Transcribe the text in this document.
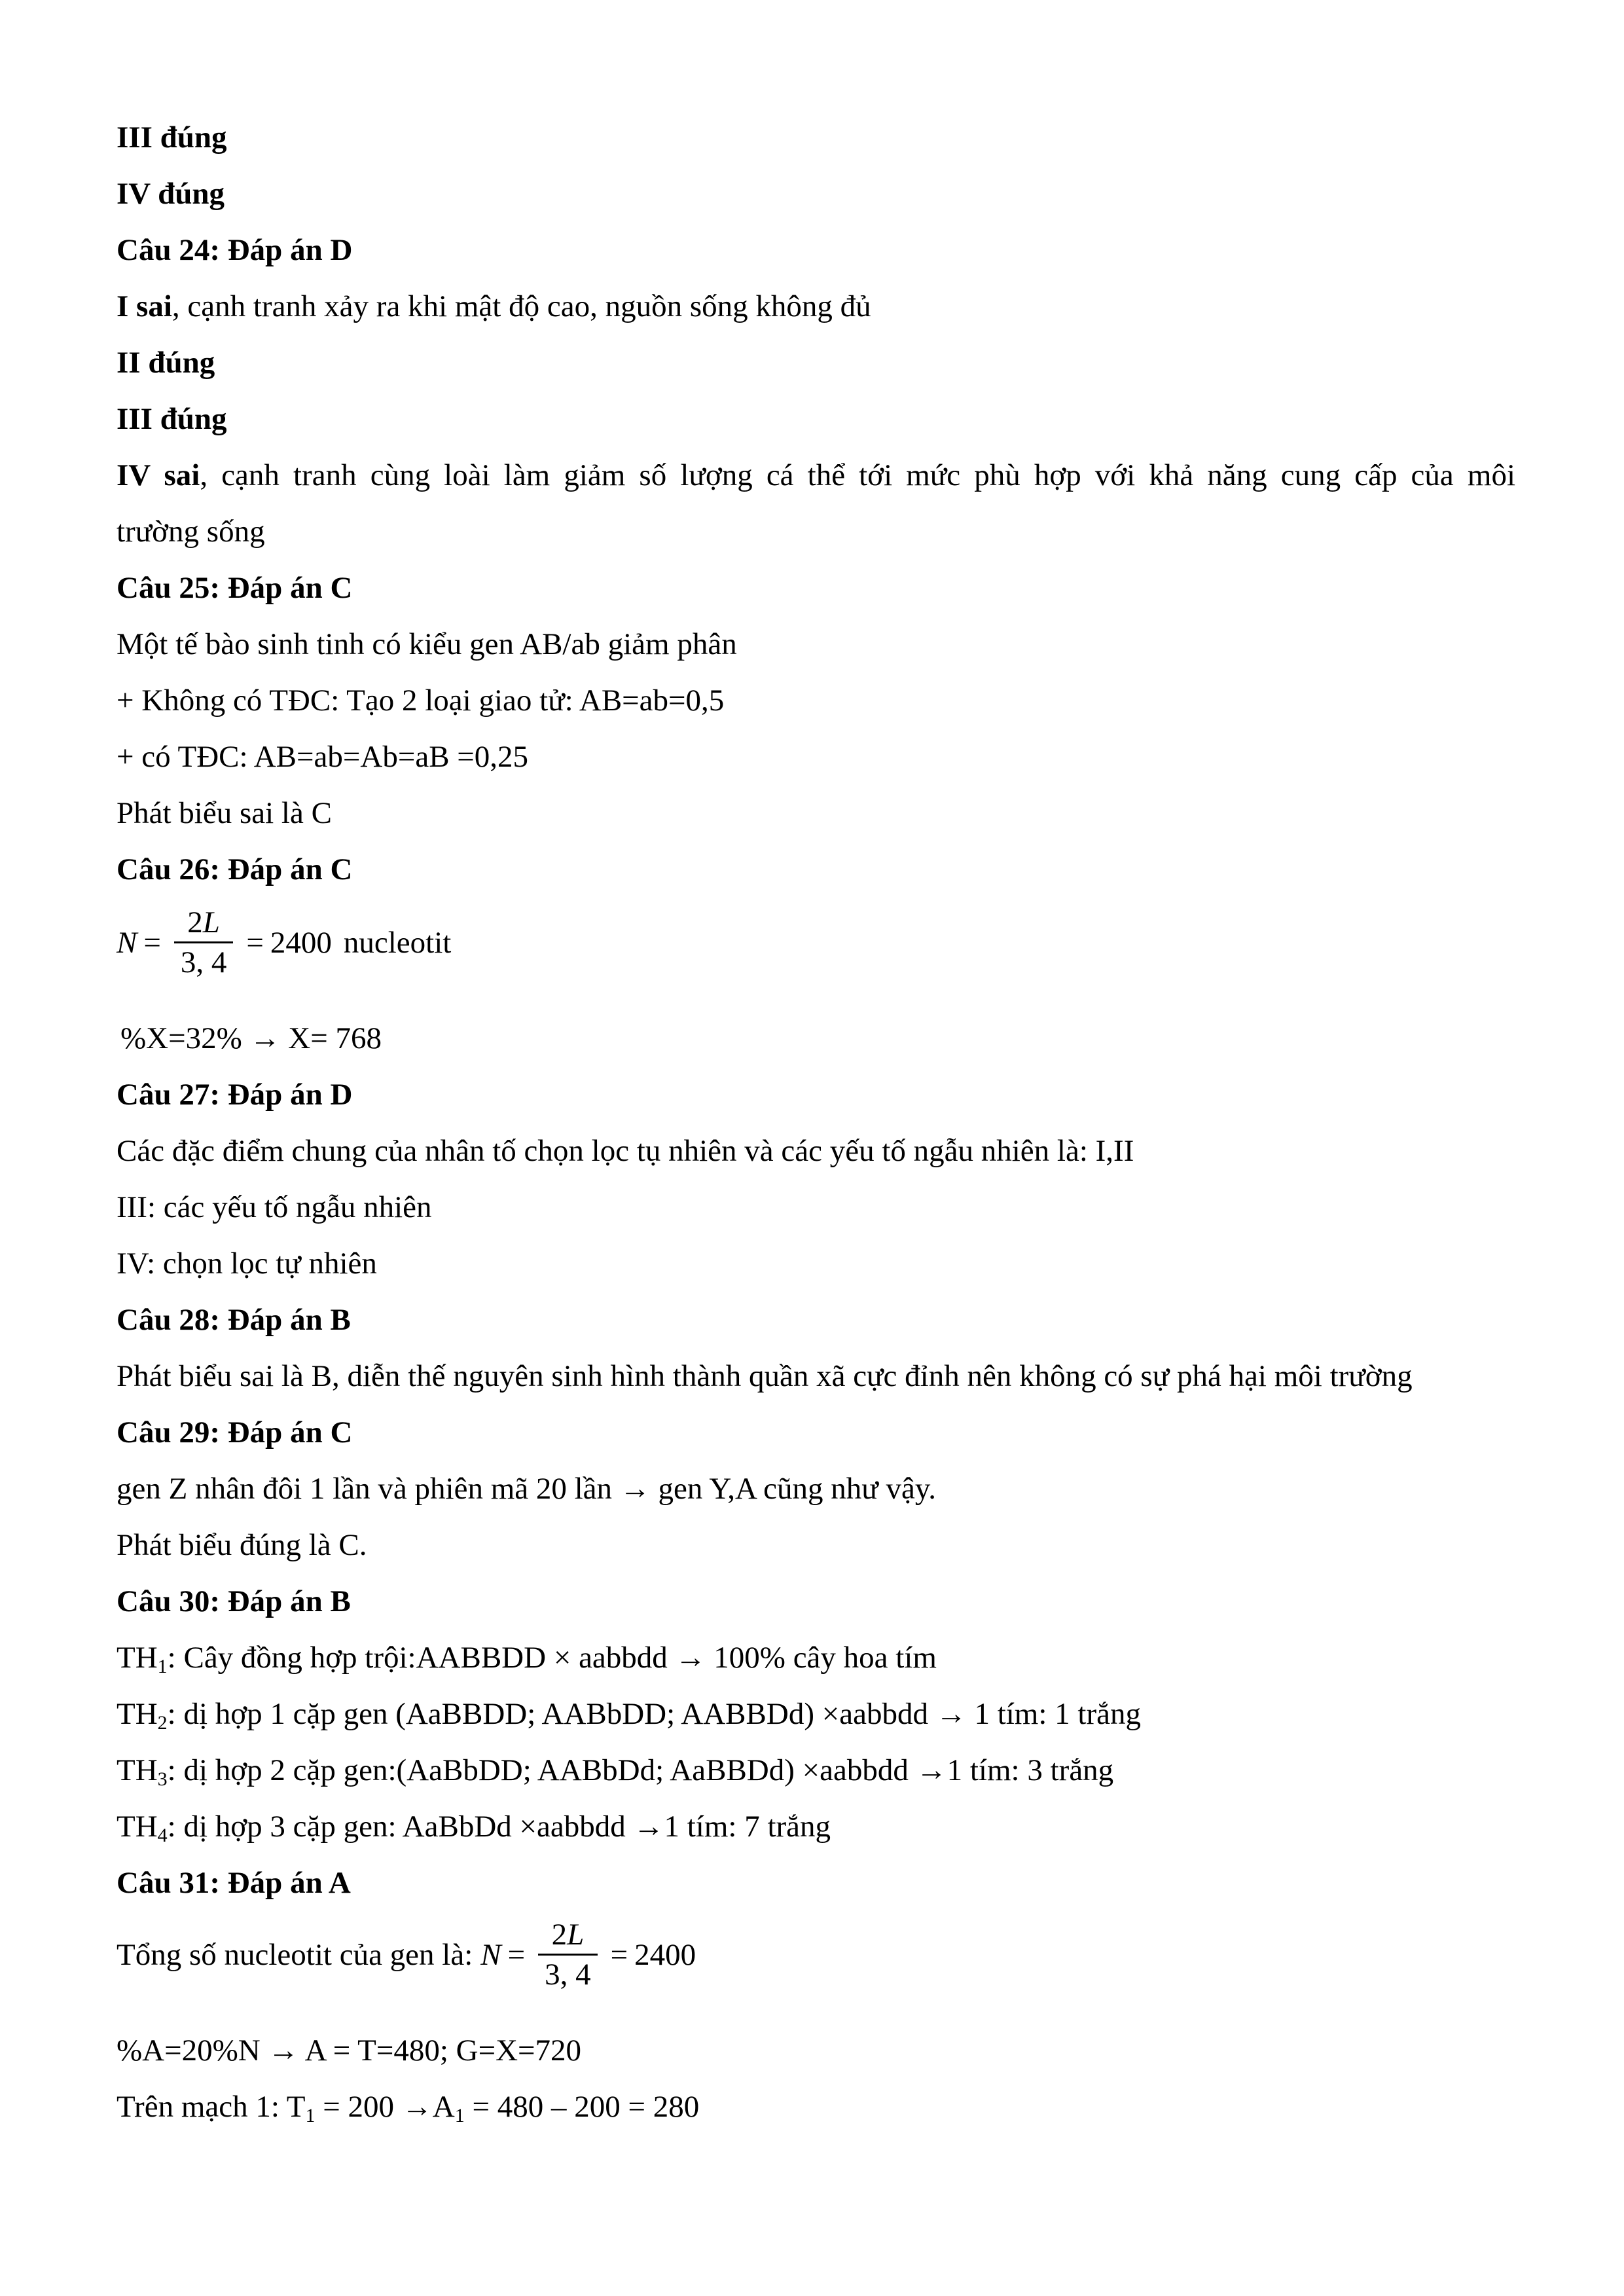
III đúng
IV đúng
Câu 24: Đáp án D
I sai, cạnh tranh xảy ra khi mật độ cao, nguồn sống không đủ
II đúng
III đúng
IV sai, cạnh tranh cùng loài làm giảm số lượng cá thể tới mức phù hợp với khả năng cung cấp của môi
trường sống
Câu 25: Đáp án C
Một tế bào sinh tinh có kiểu gen AB/ab giảm phân
+ Không có TĐC: Tạo 2 loại giao tử: AB=ab=0,5
+ có TĐC: AB=ab=Ab=aB =0,25
Phát biểu sai là C
Câu 26: Đáp án C
$N = \frac{2L}{3, 4} = 2400$ nucleotit
%X=32% → X= 768
Câu 27: Đáp án D
Các đặc điểm chung của nhân tố chọn lọc tụ nhiên và các yếu tố ngẫu nhiên là: I,II
III: các yếu tố ngẫu nhiên
IV: chọn lọc tự nhiên
Câu 28: Đáp án B
Phát biểu sai là B, diễn thế nguyên sinh hình thành quần xã cực đỉnh nên không có sự phá hại môi trường
Câu 29: Đáp án C
gen Z nhân đôi 1 lần và phiên mã 20 lần → gen Y,A cũng như vậy.
Phát biểu đúng là C.
Câu 30: Đáp án B
$TH_1$: Cây đồng hợp trội:AABBDD × aabbdd → 100% cây hoa tím
$TH_2$: dị hợp 1 cặp gen (AaBBDD; AABbDD; AABBDd) ×aabbdd → 1 tím: 1 trắng
$TH_3$: dị hợp 2 cặp gen:(AaBbDD; AABbDd; AaBBDd) ×aabbdd →1 tím: 3 trắng
$TH_4$: dị hợp 3 cặp gen: AaBbDd ×aabbdd →1 tím: 7 trắng
Câu 31: Đáp án A
Tổng số nucleotit của gen là: $N = \frac{2L}{3, 4} = 2400$
%A=20%N → A = T=480; G=X=720
Trên mạch 1: $T_1 = 200 \to A_1 = 480 - 200 = 280$
